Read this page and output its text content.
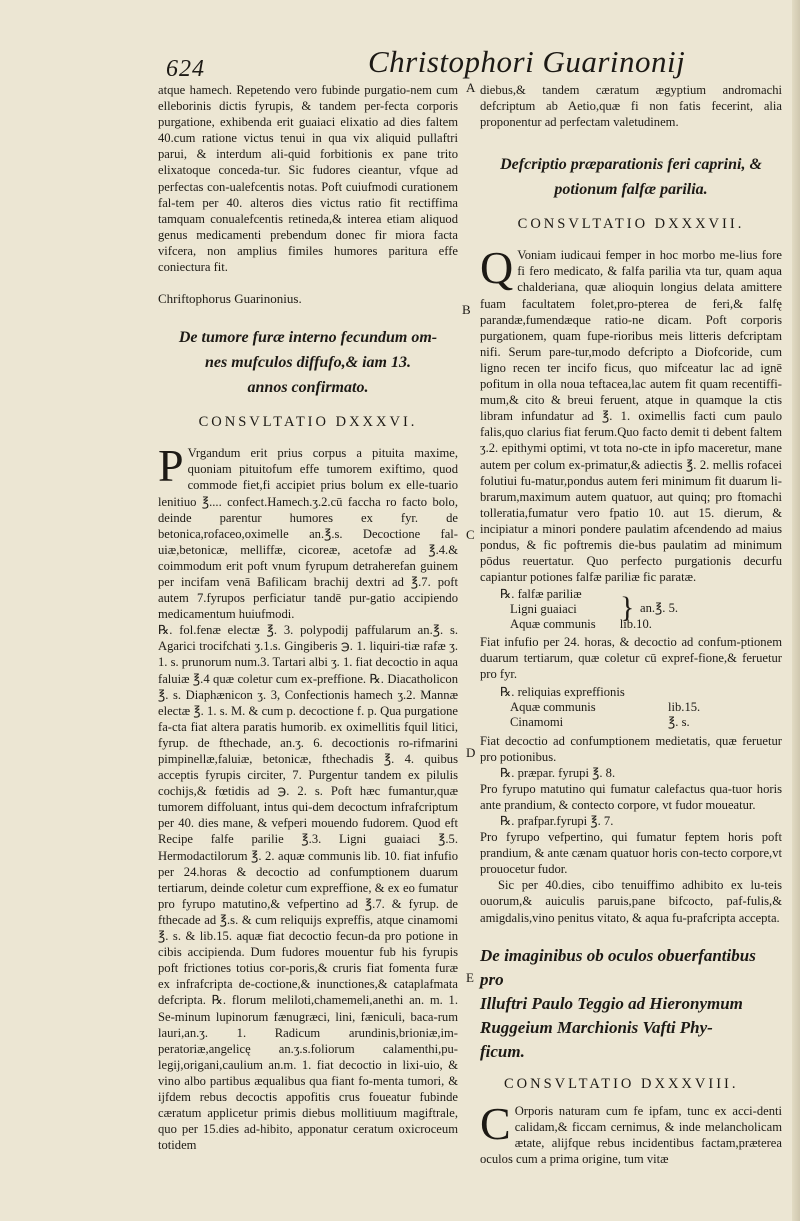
624	Christophori Guarinonij
A
B
C
D
E

atque hamech. Repetendo vero fubinde purgatio-nem cum elleborinis dictis fyrupis, & tandem per-fecta corporis purgatione, exhibenda erit guaiaci elixatio ad dies faltem 40.cum ratione victus tenui in qua vix aliquid pullaftri parui, & interdum ali-quid forbitionis ex pane trito elixatoque conceda-tur. Sic fudores cieantur, vfque ad perfectas con-ualefcentis notas. Poft cuiufmodi curationem fal-tem per 40. alteros dies victus ratio fit rectiffima tamquam conualefcentis retineda,& interea etiam aliquod genus medicamenti prebendum donec fir miora facta vifcera, non amplius fimiles humores paritura effe coniectura fit.

Chriftophorus Guarinonius.

De tumore furæ interno fecundum om-
nes mufculos diffufo,& iam 13.
annos confirmato.
CONSVLTATIO DXXXVI.
P Vrgandum erit prius corpus a pituita maxime, quoniam pituitofum effe tumorem exiftimo, quod commode fiet,fi accipiet prius bolum ex elle-tuario lenitiuo ℥.... confect.Hamech.ʒ.2.cū faccha ro facto bolo, deinde parentur humores ex fyr. de betonica,rofaceo,oximelle an.℥.s. Decoctione fal-uiæ,betonicæ, melliffæ, cicoreæ, acetofæ ad ℥.4.& coimmodum erit poft vnum fyrupum detraherefan guinem per incifam venā Bafilicam brachij dextri ad ℥.7. poft autem 7.fyrupos perficiatur tandē pur-gatio accipiendo medicamentum huiufmodi.

℞. fol.fenæ electæ ℥. 3. polypodij paffularum an.℥. s. Agarici trocifchati ʒ.1.s. Gingiberis ℈. 1. liquiri-tiæ rafæ ʒ. 1. s. prunorum num.3. Tartari albi ʒ. 1. fiat decoctio in aqua faluiæ ℥.4 quæ coletur cum ex-preffione. ℞. Diacatholicon ℥. s. Diaphænicon ʒ. 3, Confectionis hamech ʒ.2. Mannæ electæ ℥. 1. s. M. & cum p. decoctione f. p. Qua purgatione fa-cta fiat altera paratis humorib. ex oximellitis fquil litici, fyrup. de fthechade, an.ʒ. 6. decoctionis ro-rifmarini pimpinellæ,faluiæ, betonicæ, fthechadis ℥. 4. quibus acceptis fyrupis circiter, 7. Purgentur tandem ex pilulis cochijs,& fœtidis ad ℈. 2. s. Poft hæc fumantur,quæ tumorem diffoluant, intus qui-dem decoctum infrafcriptum per 40. dies mane, & vefperi mouendo fudorem. Quod eft Recipe falfe parilie ℥.3. Ligni guaiaci ℥.5. Hermodactilorum ℥. 2. aquæ communis lib. 10. fiat infufio per 24.horas & decoctio ad confumptionem duarum tertiarum, deinde coletur cum expreffione, & ex eo fumatur pro fyrupo matutino,& vefpertino ad ℥.7. & fyrup. de fthecade ad ℥.s. & cum reliquijs expreffis, atque cinamomi ℥. s. & lib.15. aquæ fiat decoctio fecun-da pro potione in cibis accipienda. Dum fudores mouentur fub his fyrupis poft frictiones totius cor-poris,& cruris fiat fomenta furæ ex infrafcripta de-coctione,& inunctiones,& cataplafmata defcripta. ℞. florum meliloti,chamemeli,anethi an. m. 1. Se-minum lupinorum fænugræci, lini, fæniculi, baca-rum lauri,an.ʒ. 1. Radicum arundinis,brioniæ,im-peratoriæ,angelicę an.ʒ.s.foliorum calamenthi,pu-legij,origani,caulium an.m. 1. fiat decoctio in lixi-uio, & vino albo partibus æqualibus qua fiant fo-menta tumori, & ijfdem rebus decoctis appofitis crus foueatur fubinde cæratum applicetur primis diebus mollitiuum magiftrale, quo per 15.dies ad-hibito, apponatur ceratum oxicroceum totidem

diebus,& tandem cæratum ægyptium andromachi defcriptum ab Aetio,quæ fi non fatis fecerint, alia proponentur ad perfectam valetudinem.

Defcriptio præparationis feri caprini, &
potionum falfæ parilia.
CONSVLTATIO DXXXVII.
Q Voniam iudicaui femper in hoc morbo me-lius fore fi fero medicato, & falfa parilia vta tur, quam aqua chalderiana, quæ alioquin longius delata amittere fuam facultatem folet,pro-pterea de feri,& falfę parandæ,fumendæque ratio-ne dicam. Poft corporis purgationem, quam fupe-rioribus meis litteris defcriptam nifi. Serum pare-tur,modo defcripto a Diofcoride, cum ligno recen ter incifo ficus, quo mifceatur lac ad ignē pofitum in olla noua teftacea,lac autem fit quam recentiffi-mum,& cito & breui feruent, atque in quamque la ctis libram infundatur ad ℥. 1. oximellis facti cum paulo falis,quo clarius fiat ferum.Quo facto demit ti debent faltem ʒ.2. epithymi optimi, vt tota no-cte in ipfo maceretur, mane autem per colum ex-primatur,& adiectis ℥. 2. mellis rofacei folutiui fu-matur,pondus autem feri minimum fit duarum li-brarum,maximum autem quatuor, aut quinq; pro ftomachi tolleratia,fumatur vero fpatio 10. aut 15. dierum, & incipiatur a minori pondere paulatim afcendendo ad maius pondus, & fic poftremis die-bus paulatim ad minimum pōdus reuertatur. Quo perfecto purgationis decurfu capiantur potiones falfæ pariliæ fic paratæ.

℞. falfæ pariliæ
Ligni guaiaci	} an.℥. 5.
Aquæ communis lib.10.

Fiat infufio per 24. horas, & decoctio ad confum-ptionem duarum tertiarum, quæ coletur cū expref-fione,& feruetur pro fyr.

℞. reliquias expreffionis
Aquæ communis	lib.15.
Cinamomi	℥. s.

Fiat decoctio ad confumptionem medietatis, quæ feruetur pro potionibus.

℞. præpar. fyrupi ℥. 8.

Pro fyrupo matutino qui fumatur calefactus qua-tuor horis ante prandium, & contecto corpore, vt fudor moueatur.

℞. prafpar.fyrupi ℥. 7.

Pro fyrupo vefpertino, qui fumatur feptem horis poft prandium, & ante cænam quatuor horis con-tecto corpore,vt prouocetur fudor.

Sic per 40.dies, cibo tenuiffimo adhibito ex lu-teis ouorum,& auiculis paruis,pane bifcocto, paf-fulis,& amigdalis,vino penitus vitato, & aqua fu-prafcripta accepta.

De imaginibus ob oculos obuerfantibus pro
Illuftri Paulo Teggio ad Hieronymum
Ruggeium Marchionis Vafti Phy-
ficum.
CONSVLTATIO DXXXVIII.
C Orporis naturam cum fe ipfam, tunc ex acci-denti calidam,& ficcam cernimus, & inde melancholicam ætate, alijfque rebus incidentibus factam,præterea oculos cum a prima origine, tum vitæ
